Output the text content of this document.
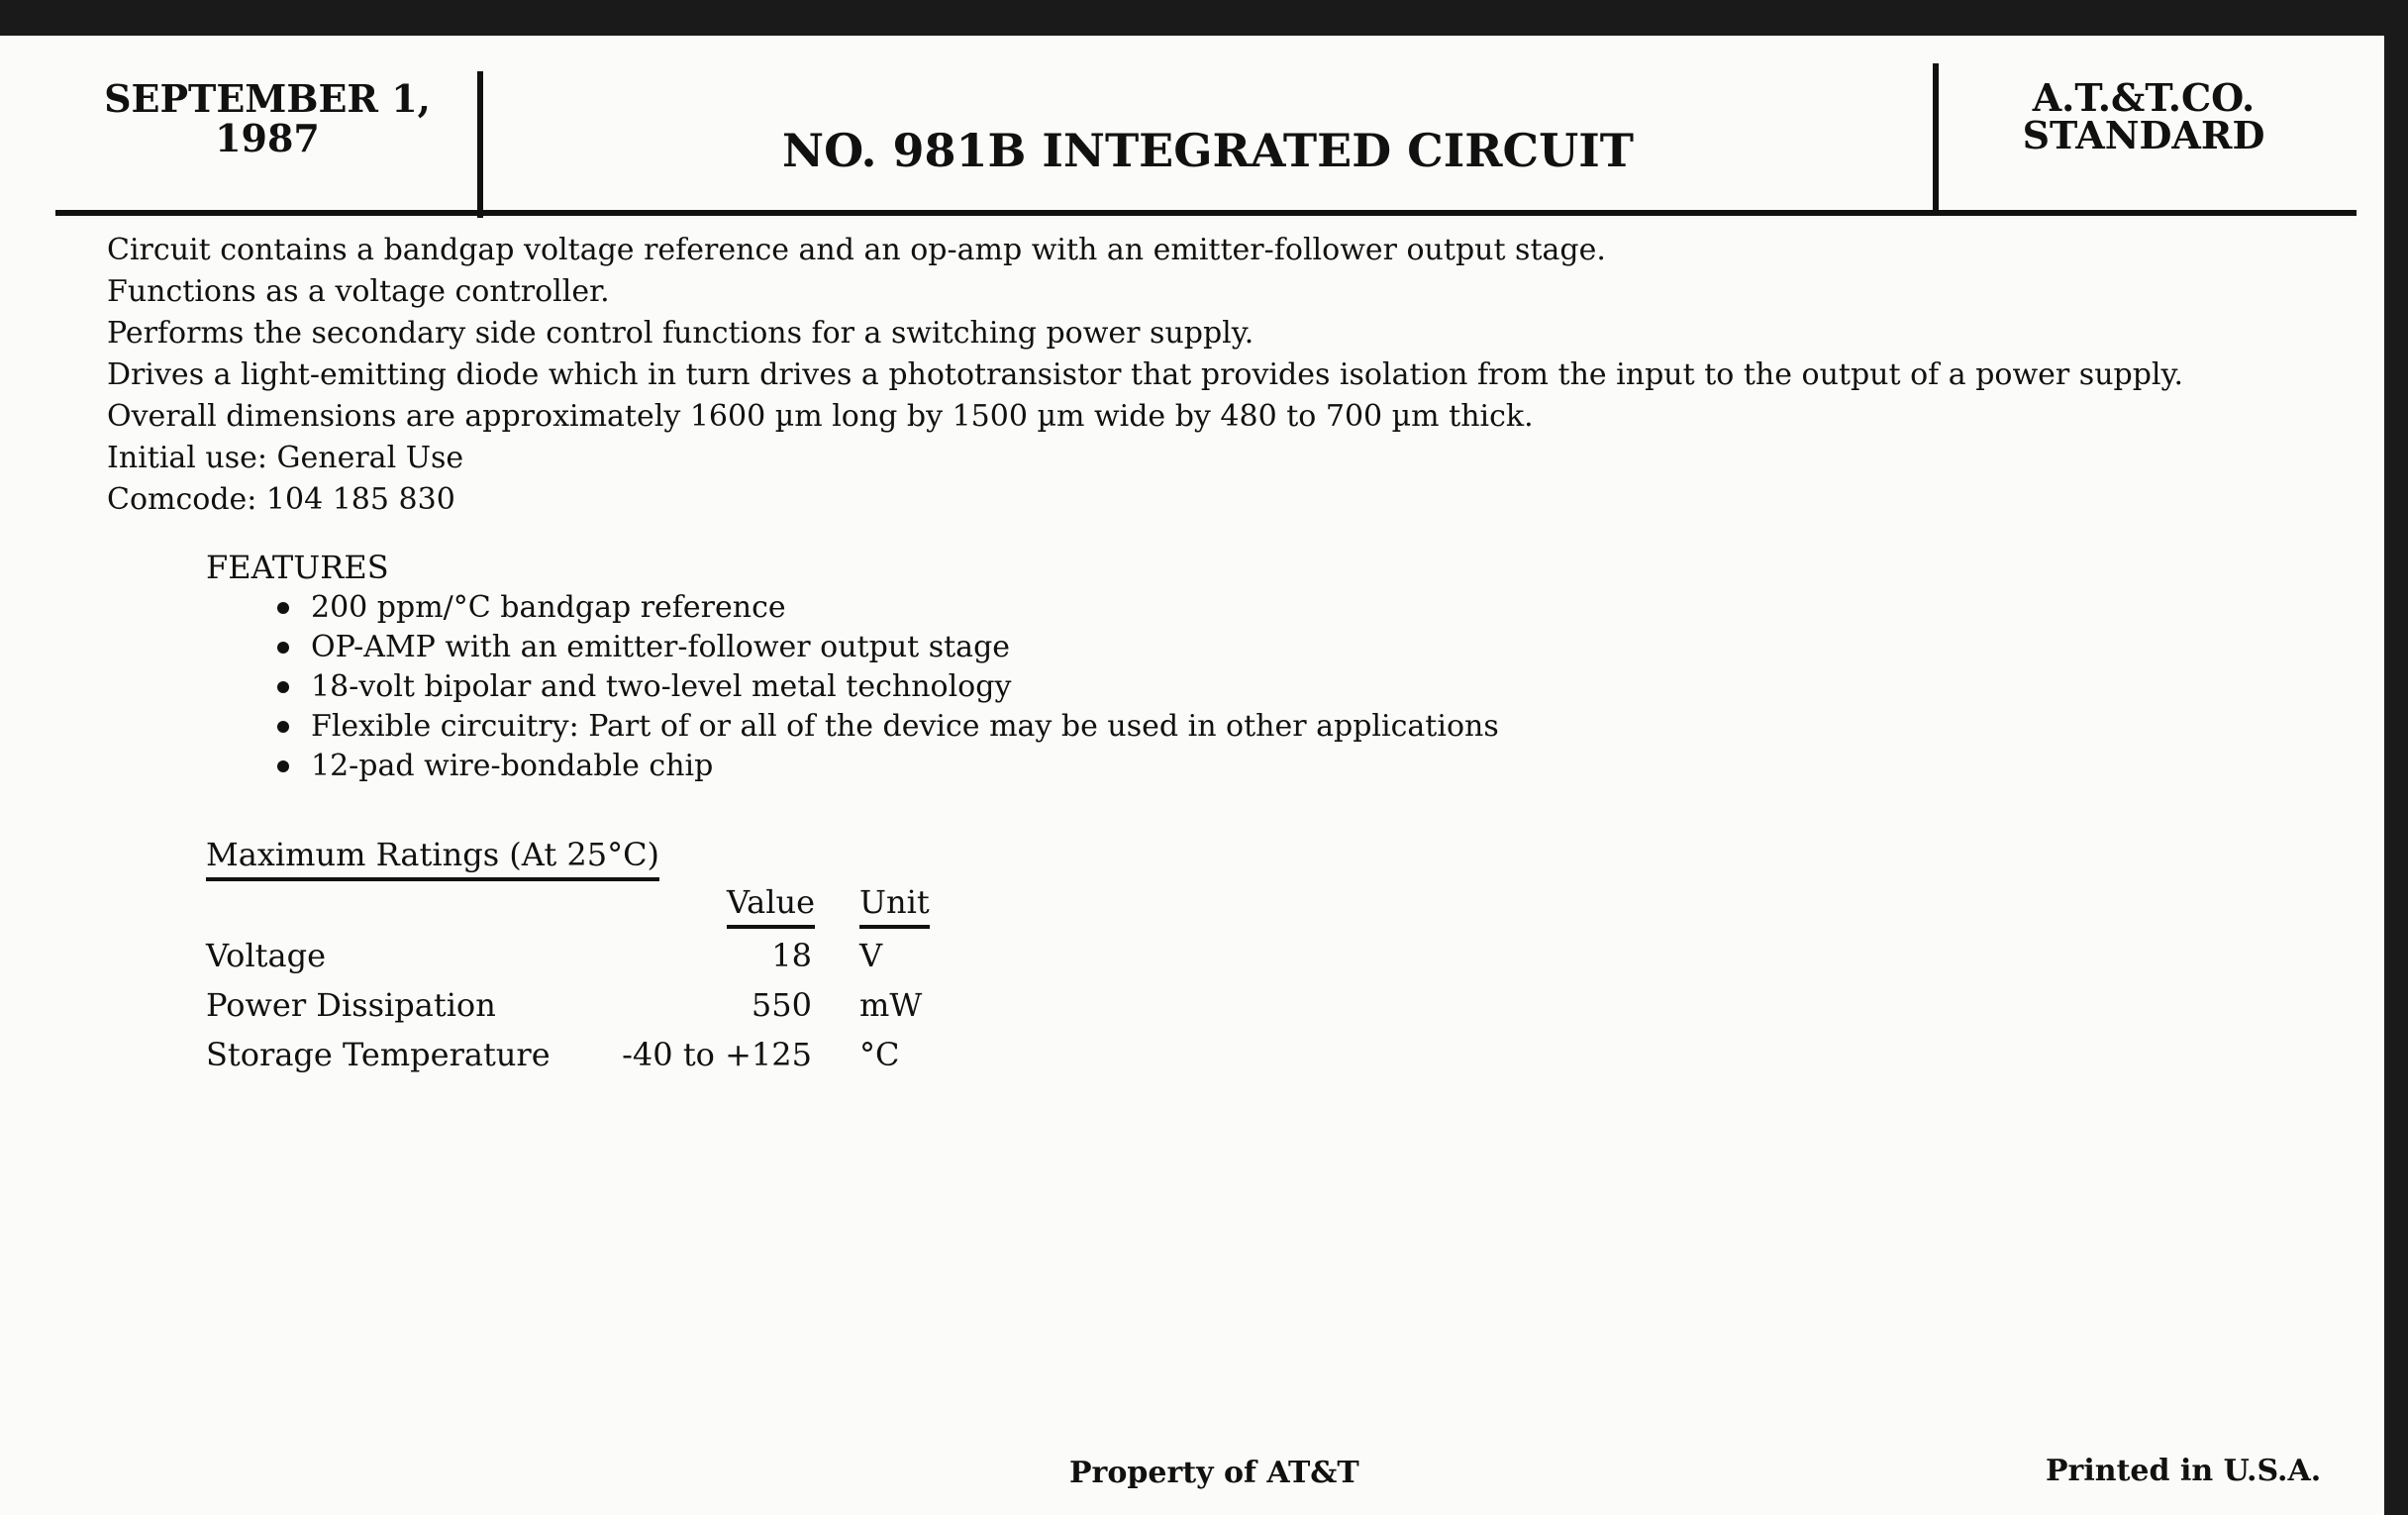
SEPTEMBER 1,
1987	NO. 981B INTEGRATED CIRCUIT
A.T.&T.CO.
STANDARD
Circuit contains a bandgap voltage reference and an op-amp with an emitter-follower output stage.
Functions as a voltage controller.
Performs the secondary side control functions for a switching power supply.
Drives a light-emitting diode which in turn drives a phototransistor that provides isolation from the input to the output of a power supply.
Overall dimensions are approximately 1600 µm long by 1500 µm wide by 480 to 700 µm thick.
Initial use: General Use
Comcode: 104 185 830
FEATURES
200 ppm/°C bandgap reference
OP-AMP with an emitter-follower output stage
18-volt bipolar and two-level metal technology
Flexible circuitry: Part of or all of the device may be used in other applications
12-pad wire-bondable chip
Maximum Ratings (At 25°C)
Value Unit
Voltage	18 V
Power Dissipation	550 mW
Storage Temperature -40 to +125 °C
Property of AT&T	Printed in U.S.A.
